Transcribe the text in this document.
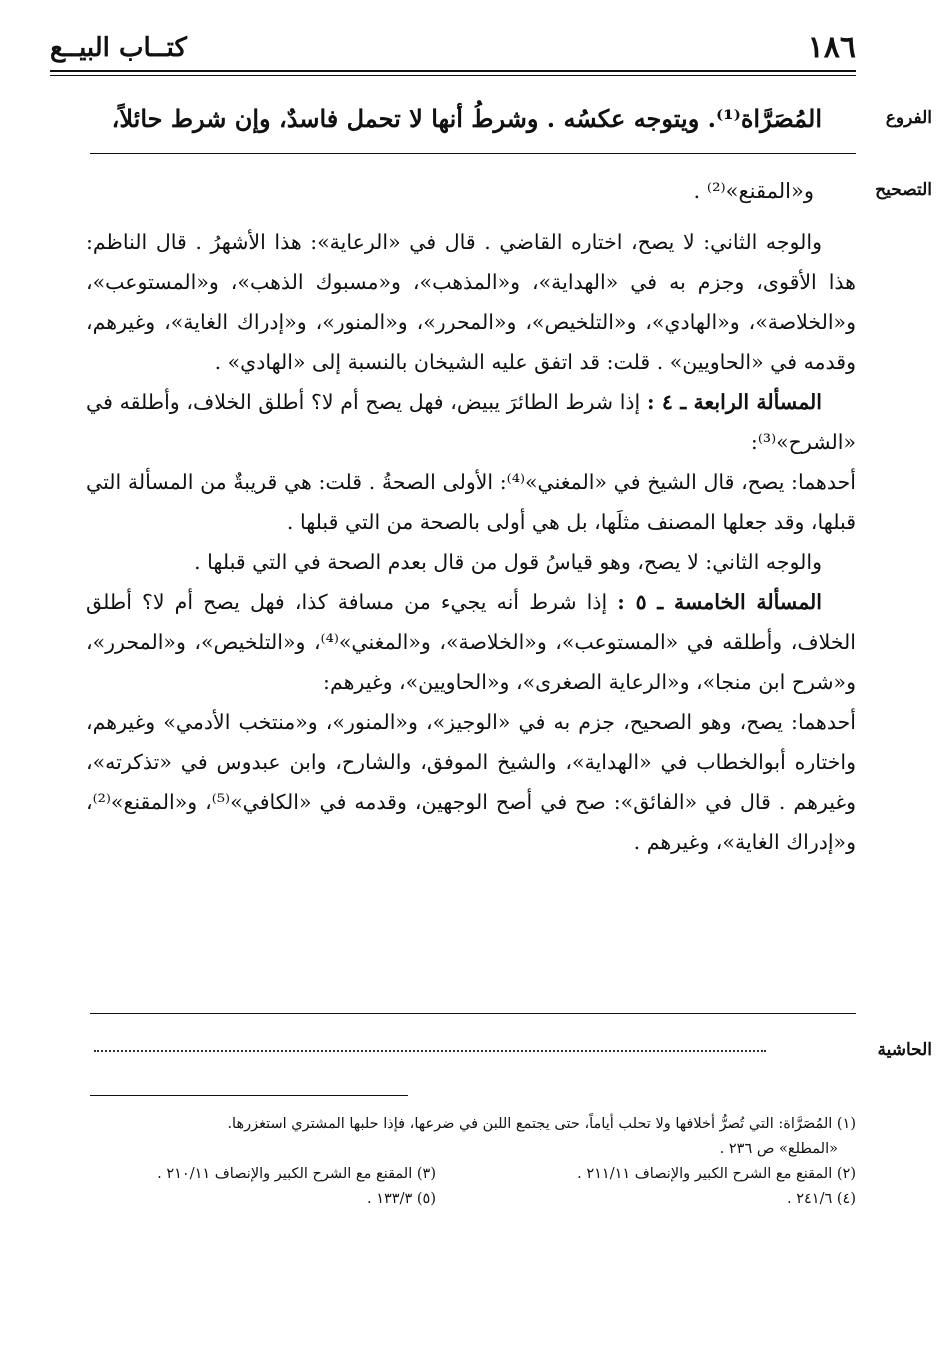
١٨٦
كتــاب البيــع
الفروع
المُصَرَّاة⁽¹⁾. ويتوجه عكسُه . وشرطُ أنها لا تحمل فاسدٌ، وإن شرط حائلاً،
التصحيح
و«المقنع»⁽²⁾ .

والوجه الثاني: لا يصح، اختاره القاضي . قال في «الرعاية»: هذا الأشهرُ . قال الناظم: هذا الأقوى، وجزم به في «الهداية»، و«المذهب»، و«مسبوك الذهب»، و«المستوعب»، و«الخلاصة»، و«الهادي»، و«التلخيص»، و«المحرر»، و«المنور»، و«إدراك الغاية»، وغيرهم، وقدمه في «الحاويين» . قلت: قد اتفق عليه الشيخان بالنسبة إلى «الهادي» .

المسألة الرابعة ـ ٤ : إذا شرط الطائرَ يبيض، فهل يصح أم لا؟ أطلق الخلاف، وأطلقه في «الشرح»⁽³⁾:

أحدهما: يصح، قال الشيخ في «المغني»⁽⁴⁾: الأولى الصحةُ . قلت: هي قريبةٌ من المسألة التي قبلها، وقد جعلها المصنف مثلَها، بل هي أولى بالصحة من التي قبلها .

والوجه الثاني: لا يصح، وهو قياسُ قول من قال بعدم الصحة في التي قبلها .

المسألة الخامسة ـ ٥ : إذا شرط أنه يجيء من مسافة كذا، فهل يصح أم لا؟ أطلق الخلاف، وأطلقه في «المستوعب»، و«الخلاصة»، و«المغني»⁽⁴⁾، و«التلخيص»، و«المحرر»، و«شرح ابن منجا»، و«الرعاية الصغرى»، و«الحاويين»، وغيرهم:

أحدهما: يصح، وهو الصحيح، جزم به في «الوجيز»، و«المنور»، و«منتخب الأدمي» وغيرهم، واختاره أبوالخطاب في «الهداية»، والشيخ الموفق، والشارح، وابن عبدوس في «تذكرته»، وغيرهم . قال في «الفائق»: صح في أصح الوجهين، وقدمه في «الكافي»⁽⁵⁾، و«المقنع»⁽²⁾، و«إدراك الغاية»، وغيرهم .

الحاشية
(١) المُصَرَّاة: التي تُصرُّ أخلافها ولا تحلب أياماً، حتى يجتمع اللبن في ضرعها، فإذا حلبها المشتري استغزرها.
«المطلع» ص ٢٣٦ .
(٢) المقنع مع الشرح الكبير والإنصاف ٢١١/١١ .
(٣) المقنع مع الشرح الكبير والإنصاف ٢١٠/١١ .
(٤) ٢٤١/٦ .
(٥) ١٣٣/٣ .
